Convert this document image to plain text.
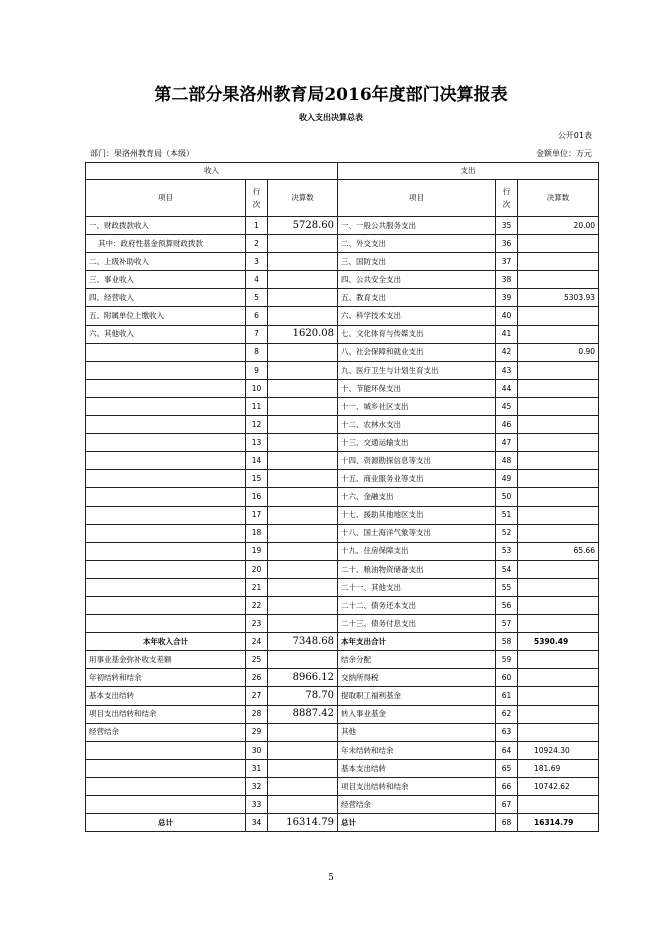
第二部分果洛州教育局2016年度部门决算报表
收入支出决算总表
公开01表
部门：果洛州教育局（本级）	金额单位：万元
收入			支出		
项目	行
次	决算数	项目	行
次	决算数
一、财政拨款收入	1	5728.60	一、一般公共服务支出	35	20.00
其中：政府性基金预算财政拨款	2		二、外交支出	36	
二、上级补助收入	3		三、国防支出	37	
三、事业收入	4		四、公共安全支出	38	
四、经营收入	5		五、教育支出	39	5303.93
五、附属单位上缴收入	6		六、科学技术支出	40	
六、其他收入	7	1620.08	七、文化体育与传媒支出	41	
	8		八、社会保障和就业支出	42	0.90
	9		九、医疗卫生与计划生育支出	43	
	10		十、节能环保支出	44	
	11		十一、城乡社区支出	45	
	12		十二、农林水支出	46	
	13		十三、交通运输支出	47	
	14		十四、资源勘探信息等支出	48	
	15		十五、商业服务业等支出	49	
	16		十六、金融支出	50	
	17		十七、援助其他地区支出	51	
	18		十八、国土海洋气象等支出	52	
	19		十九、住房保障支出	53	65.66
	20		二十、粮油物资储备支出	54	
	21		二十一、其他支出	55	
	22		二十二、债务还本支出	56	
	23		二十三、债务付息支出	57	
本年收入合计	24	7348.68	本年支出合计	58	5390.49
用事业基金弥补收支差额	25		结余分配	59	
年初结转和结余	26	8966.12	交纳所得税	60	
基本支出结转	27	78.70	提取职工福利基金	61	
项目支出结转和结余	28	8887.42	转入事业基金	62	
经营结余	29		其他	63	
	30		年末结转和结余	64	10924.30
	31		基本支出结转	65	181.69
	32		项目支出结转和结余	66	10742.62
	33		经营结余	67	
总计	34	16314.79	总计	68	16314.79
5
